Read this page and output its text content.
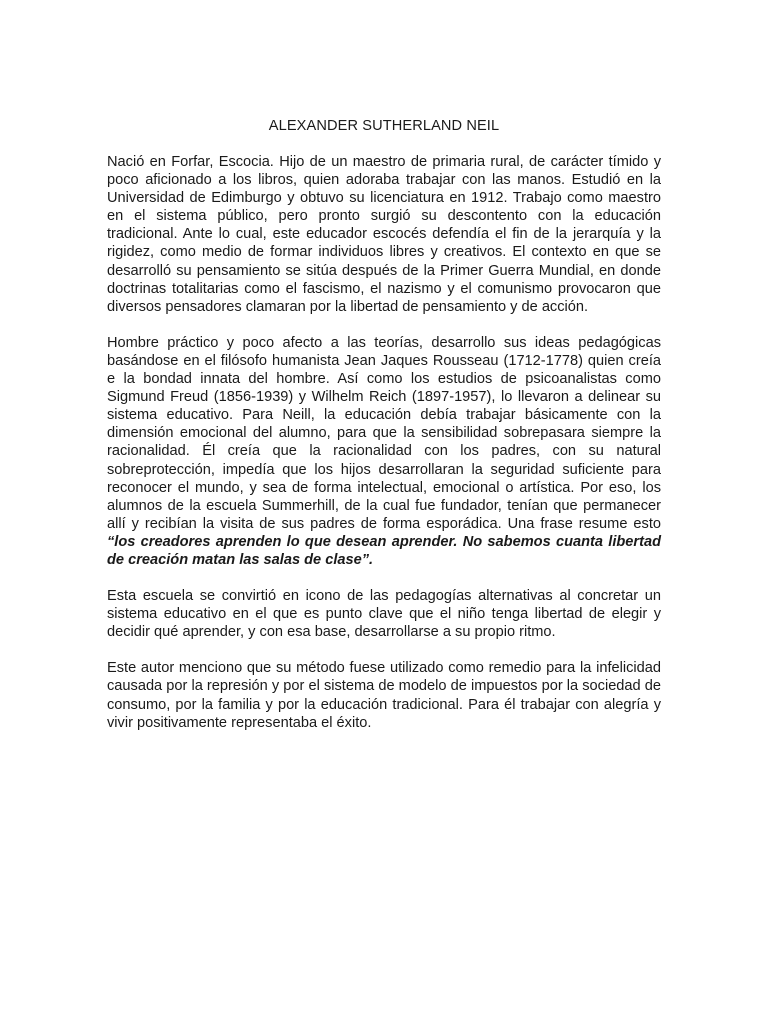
ALEXANDER SUTHERLAND NEIL

Nació en Forfar, Escocia. Hijo de un maestro de primaria rural, de carácter tímido y poco aficionado a los libros, quien adoraba trabajar con las manos. Estudió en la Universidad de Edimburgo y obtuvo su licenciatura en 1912. Trabajo como maestro en el sistema público, pero pronto surgió su descontento con la educación tradicional. Ante lo cual, este educador escocés defendía el fin de la jerarquía y la rigidez, como medio de formar individuos libres y creativos. El contexto en que se desarrolló su pensamiento se sitúa después de la Primer Guerra Mundial, en donde doctrinas totalitarias como el fascismo, el nazismo y el comunismo provocaron que diversos pensadores clamaran por la libertad de pensamiento y de acción.

Hombre práctico y poco afecto a las teorías, desarrollo sus ideas pedagógicas basándose en el filósofo humanista Jean Jaques Rousseau (1712-1778) quien creía e la bondad innata del hombre. Así como los estudios de psicoanalistas como Sigmund Freud (1856-1939) y Wilhelm Reich (1897-1957), lo llevaron a delinear su sistema educativo. Para Neill, la educación debía trabajar básicamente con la dimensión emocional del alumno, para que la sensibilidad sobrepasara siempre la racionalidad. Él creía que la racionalidad con los padres, con su natural sobreprotección, impedía que los hijos desarrollaran la seguridad suficiente para reconocer el mundo, y sea de forma intelectual, emocional o artística. Por eso, los alumnos de la escuela Summerhill, de la cual fue fundador, tenían que permanecer allí y recibían la visita de sus padres de forma esporádica. Una frase resume esto “los creadores aprenden lo que desean aprender. No sabemos cuanta libertad de creación matan las salas de clase”.

Esta escuela se convirtió en icono de las pedagogías alternativas al concretar un sistema educativo en el que es punto clave que el niño tenga libertad de elegir y decidir qué aprender, y con esa base, desarrollarse a su propio ritmo.

Este autor menciono que su método fuese utilizado como remedio para la infelicidad causada por la represión y por el sistema de modelo de impuestos por la sociedad de consumo, por la familia y por la educación tradicional. Para él trabajar con alegría y vivir positivamente representaba el éxito.
